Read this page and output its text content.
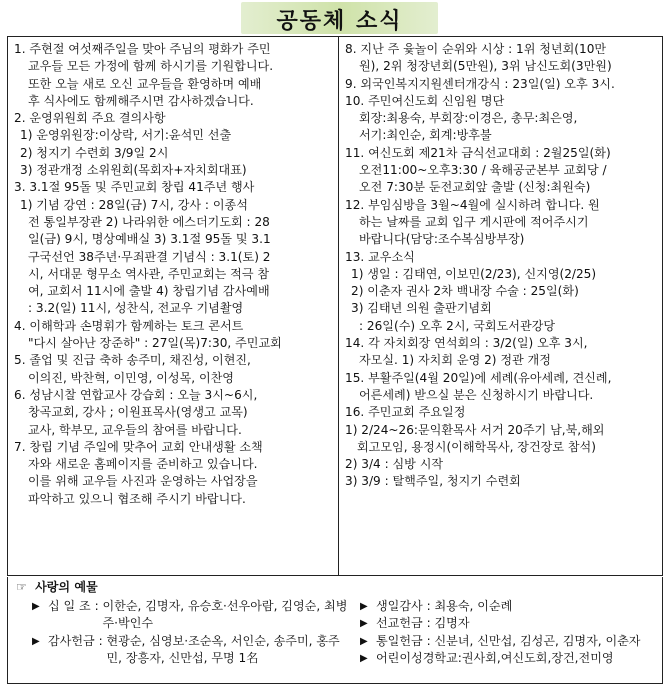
공동체 소식
1. 주현절 여섯째주일을 맞아 주님의 평화가 주민
교우들 모든 가정에 함께 하시기를 기원합니다.
또한 오늘 새로 오신 교우들을 환영하며 예배
후 식사에도 함께해주시면 감사하겠습니다.
2. 운영위원회 주요 결의사항
1) 운영위원장:이상락, 서기:윤석민 선출
2) 청지기 수련회 3/9일 2시
3) 정관개정 소위원회(목회자+자치회대표)
3. 3.1절 95돌 및 주민교회 창립 41주년 행사
1) 기념 강연 : 28일(금) 7시, 강사 : 이종석
전 통일부장관 2) 나라위한 에스더기도회 : 28
일(금) 9시, 명상예배실 3) 3.1절 95돌 및 3.1
구국선언 38주년·무죄판결 기념식 : 3.1(토) 2
시, 서대문 형무소 역사관, 주민교회는 적극 참
여, 교회서 11시에 출발 4) 창립기념 감사예배
: 3.2(일) 11시, 성찬식, 전교우 기념촬영
4. 이해학과 손명휘가 함께하는 토크 콘서트
"다시 살아난 장준하" : 27일(목)7:30, 주민교회
5. 졸업 및 진급 축하 송주미, 채진성, 이현진,
이의진, 박찬혁, 이민영, 이성목, 이찬영
6. 성남시찰 연합교사 강습회 : 오늘 3시~6시,
창곡교회, 강사 ; 이원표목사(영생고 교목)
교사, 학부모, 교우들의 참여를 바랍니다.
7. 창립 기념 주일에 맞추어 교회 안내생활 소책
자와 새로운 홈페이지를 준비하고 있습니다.
이를 위해 교우들 사진과 운영하는 사업장을
파악하고 있으니 협조해 주시기 바랍니다.
8. 지난 주 윷놀이 순위와 시상 : 1위 청년회(10만
원), 2위 청장년회(5만원), 3위 남신도회(3만원)
9. 외국인복지지원센터개강식 : 23일(일) 오후 3시.
10. 주민여신도회 신임원 명단
회장:최용숙, 부회장:이경은, 총무:최은영,
서기:최인순, 회계:방후불
11. 여신도회 제21차 금식선교대회 : 2월25일(화)
오전11:00~오후3:30 / 육해공군본부 교회당 /
오전 7:30분 둔전교회앞 출발 (신청:최원숙)
12. 부임심방을 3월~4월에 실시하려 합니다. 원
하는 날짜를 교회 입구 게시판에 적어주시기
바랍니다(담당:조수복심방부장)
13. 교우소식
1) 생일 : 김태연, 이보민(2/23), 신지영(2/25)
2) 이춘자 권사 2차 백내장 수술 : 25일(화)
3) 김태년 의원 출판기념회
: 26일(수) 오후 2시, 국회도서관강당
14. 각 자치회장 연석회의 : 3/2(일) 오후 3시,
자모실. 1) 자치회 운영 2) 정관 개정
15. 부활주일(4월 20일)에 세례(유아세례, 견신례,
어른세례) 받으실 분은 신청하시기 바랍니다.
16. 주민교회 주요일정
1) 2/24~26:문익환목사 서거 20주기 남,북,해외
회고모임, 용정시(이해학목사, 장건장로 참석)
2) 3/4 : 심방 시작
3) 3/9 : 탈핵주일, 청지기 수련회
☞ 사랑의 예물
▶ 십 일 조 : 이한순, 김명자, 유승호·선우아람, 김영순, 최병주·박인수
▶ 감사헌금 : 현광순, 심영보·조순옥, 서인순, 송주미, 홍주민, 장흥자, 신만섭, 무명 1名
▶ 생일감사 : 최용숙, 이순례
▶ 선교헌금 : 김명자
▶ 통일헌금 : 신분녀, 신만섭, 김성곤, 김명자, 이춘자
▶ 어린이성경학교:권사회,여신도회,장건,전미영
